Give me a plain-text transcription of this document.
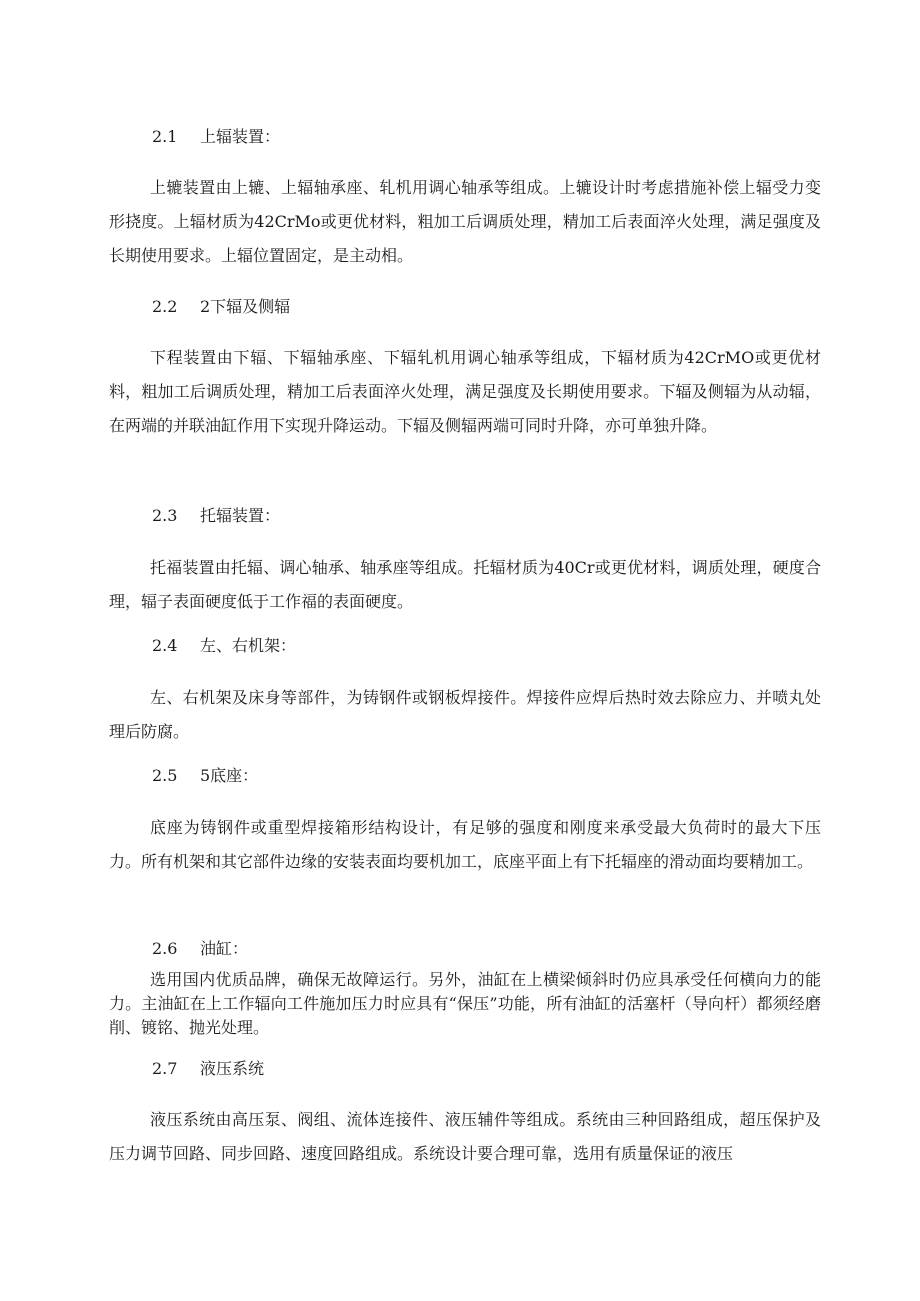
2.1 上辐装置：

上辘装置由上辘、上辐轴承座、轧机用调心轴承等组成。上辘设计时考虑措施补偿上辐受力变形挠度。上辐材质为42CrMo或更优材料，粗加工后调质处理，精加工后表面淬火处理，满足强度及长期使用要求。上辐位置固定，是主动相。

2.2 2下辐及侧辐

下程装置由下辐、下辐轴承座、下辐轧机用调心轴承等组成，下辐材质为42CrMO或更优材料，粗加工后调质处理，精加工后表面淬火处理，满足强度及长期使用要求。下辐及侧辐为从动辐，在两端的并联油缸作用下实现升降运动。下辐及侧辐两端可同时升降，亦可单独升降。

2.3 托辐装置：

托福装置由托辐、调心轴承、轴承座等组成。托辐材质为40Cr或更优材料，调质处理，硬度合理，辐子表面硬度低于工作福的表面硬度。

2.4 左、右机架：

左、右机架及床身等部件，为铸钢件或钢板焊接件。焊接件应焊后热时效去除应力、并喷丸处理后防腐。

2.5 5底座：

底座为铸钢件或重型焊接箱形结构设计，有足够的强度和刚度来承受最大负荷时的最大下压力。所有机架和其它部件边缘的安装表面均要机加工，底座平面上有下托辐座的滑动面均要精加工。

2.6 油缸：

选用国内优质品牌，确保无故障运行。另外，油缸在上横梁倾斜时仍应具承受任何横向力的能力。主油缸在上工作辐向工件施加压力时应具有“保压”功能，所有油缸的活塞杆（导向杆）都须经磨削、镀铭、抛光处理。

2.7 液压系统

液压系统由高压泵、阀组、流体连接件、液压辅件等组成。系统由三种回路组成，超压保护及压力调节回路、同步回路、速度回路组成。系统设计要合理可靠，选用有质量保证的液压
